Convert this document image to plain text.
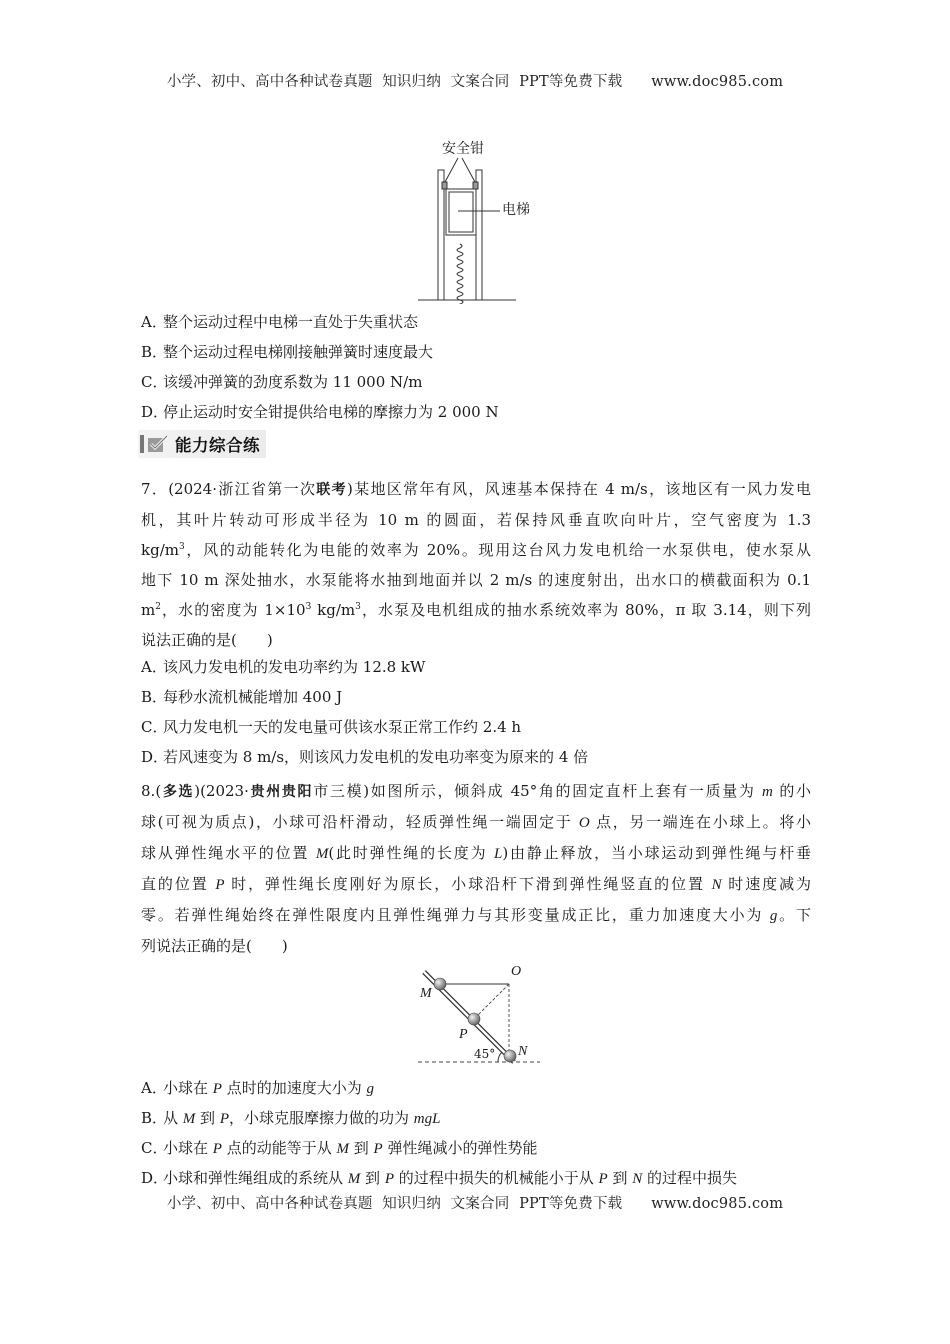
小学、初中、高中各种试卷真题  知识归纳  文案合同  PPT等免费下载 www.doc985.com
安全钳
电梯
A．整个运动过程中电梯一直处于失重状态
B．整个运动过程电梯刚接触弹簧时速度最大
C．该缓冲弹簧的劲度系数为 11 000 N/m
D．停止运动时安全钳提供给电梯的摩擦力为 2 000 N
能力综合练
7．(2024·浙江省第一次联考)某地区常年有风，风速基本保持在 4 m/s，该地区有一风力发电
机，其叶片转动可形成半径为 10 m 的圆面，若保持风垂直吹向叶片，空气密度为 1.3
$kg/m^3$，风的动能转化为电能的效率为 20%。现用这台风力发电机给一水泵供电，使水泵从
地下 10 m 深处抽水，水泵能将水抽到地面并以 2 m/s 的速度射出，出水口的横截面积为 0.1
$m^2$，水的密度为 $1\times 10^3$ $kg/m^3$，水泵及电机组成的抽水系统效率为 80%，π 取 3.14，则下列
说法正确的是(　　)
A．该风力发电机的发电功率约为 12.8 kW
B．每秒水流机械能增加 400 J
C．风力发电机一天的发电量可供该水泵正常工作约 2.4 h
D．若风速变为 8 m/s，则该风力发电机的发电功率变为原来的 4 倍
8.(多选)(2023·贵州贵阳市三模)如图所示，倾斜成 45°角的固定直杆上套有一质量为 m 的小
球(可视为质点)，小球可沿杆滑动，轻质弹性绳一端固定于 O 点，另一端连在小球上。将小
球从弹性绳水平的位置 M(此时弹性绳的长度为 L)由静止释放，当小球运动到弹性绳与杆垂
直的位置 P 时，弹性绳长度刚好为原长，小球沿杆下滑到弹性绳竖直的位置 N 时速度减为
零。若弹性绳始终在弹性限度内且弹性绳弹力与其形变量成正比，重力加速度大小为 g。下
列说法正确的是(　　)
O
M
P
N
45°
A．小球在 P 点时的加速度大小为 g
B．从 M 到 P，小球克服摩擦力做的功为 mgL
C．小球在 P 点的动能等于从 M 到 P 弹性绳减小的弹性势能
D．小球和弹性绳组成的系统从 M 到 P 的过程中损失的机械能小于从 P 到 N 的过程中损失
小学、初中、高中各种试卷真题  知识归纳  文案合同  PPT等免费下载 www.doc985.com
